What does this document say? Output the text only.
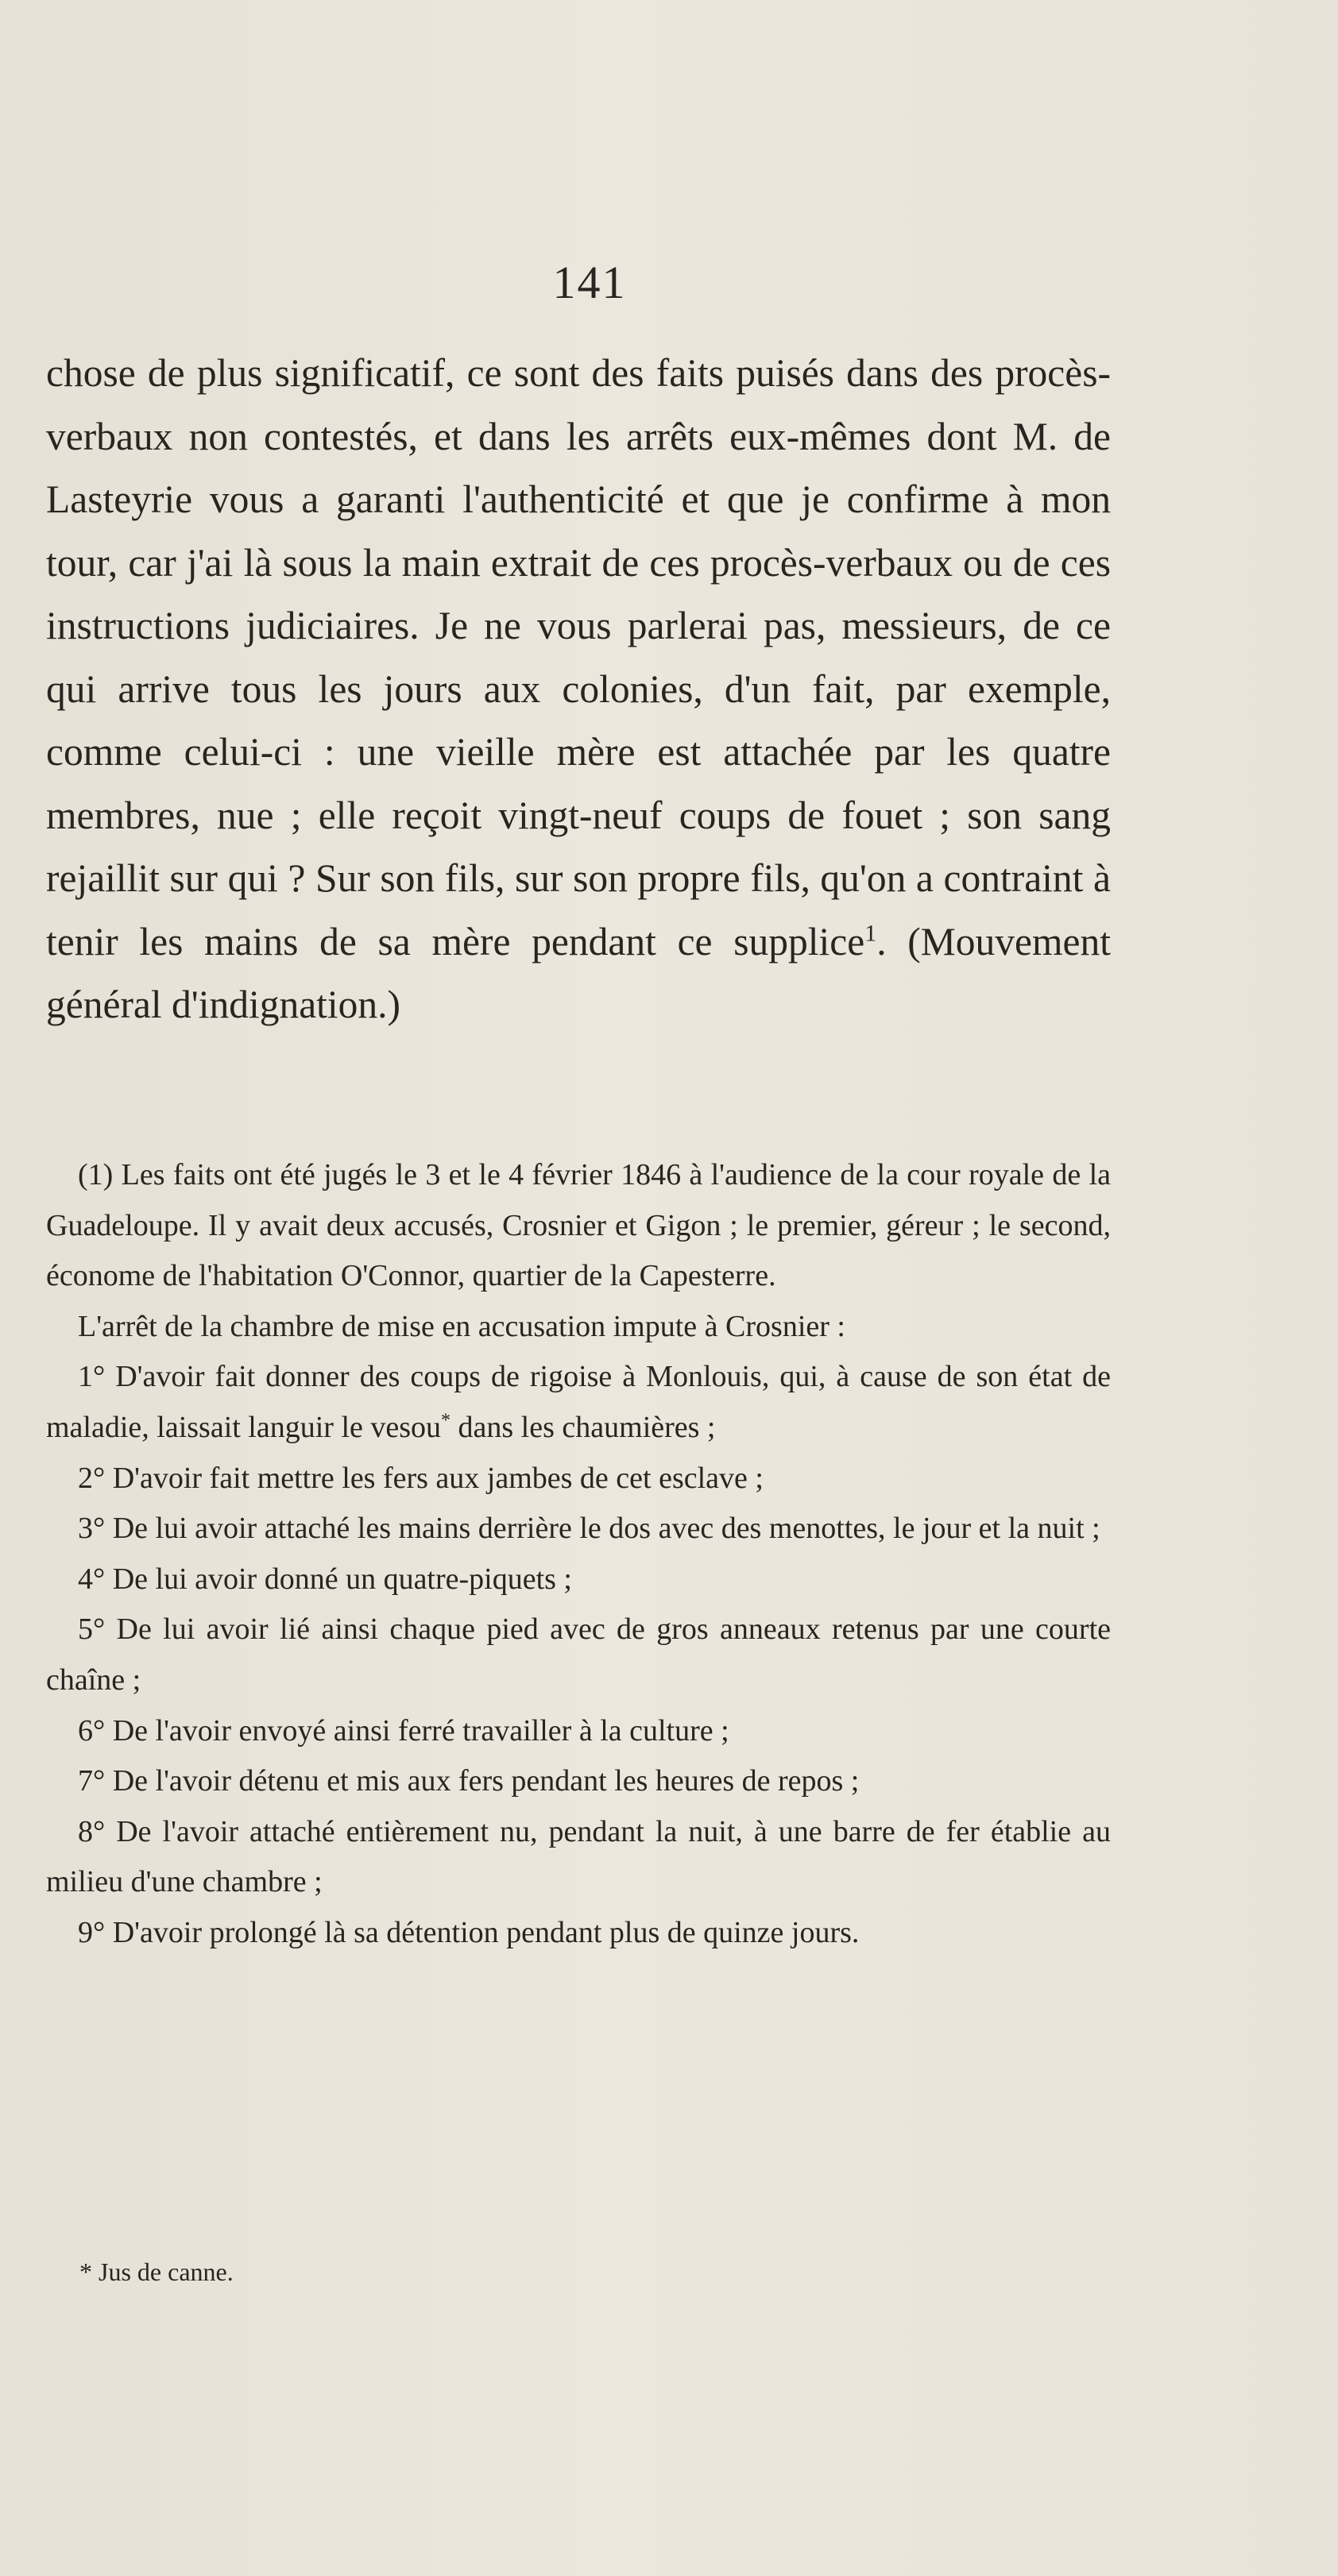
141

chose de plus significatif, ce sont des faits puisés dans des procès-verbaux non contestés, et dans les arrêts eux-mêmes dont M. de Lasteyrie vous a garanti l'authenticité et que je confirme à mon tour, car j'ai là sous la main extrait de ces procès-verbaux ou de ces instructions judiciaires. Je ne vous parlerai pas, messieurs, de ce qui arrive tous les jours aux colonies, d'un fait, par exemple, comme celui-ci : une vieille mère est attachée par les quatre membres, nue ; elle reçoit vingt-neuf coups de fouet ; son sang rejaillit sur qui ? Sur son fils, sur son propre fils, qu'on a contraint à tenir les mains de sa mère pendant ce supplice$^1$. (Mouvement général d'indignation.)

(1) Les faits ont été jugés le 3 et le 4 février 1846 à l'audience de la cour royale de la Guadeloupe. Il y avait deux accusés, Crosnier et Gigon ; le premier, géreur ; le second, économe de l'habitation O'Connor, quartier de la Capesterre.

L'arrêt de la chambre de mise en accusation impute à Crosnier :

1° D'avoir fait donner des coups de rigoise à Monlouis, qui, à cause de son état de maladie, laissait languir le vesou* dans les chaumières ;

2° D'avoir fait mettre les fers aux jambes de cet esclave ;

3° De lui avoir attaché les mains derrière le dos avec des menottes, le jour et la nuit ;

4° De lui avoir donné un quatre-piquets ;

5° De lui avoir lié ainsi chaque pied avec de gros anneaux retenus par une courte chaîne ;

6° De l'avoir envoyé ainsi ferré travailler à la culture ;

7° De l'avoir détenu et mis aux fers pendant les heures de repos ;

8° De l'avoir attaché entièrement nu, pendant la nuit, à une barre de fer établie au milieu d'une chambre ;

9° D'avoir prolongé là sa détention pendant plus de quinze jours.

* Jus de canne.
